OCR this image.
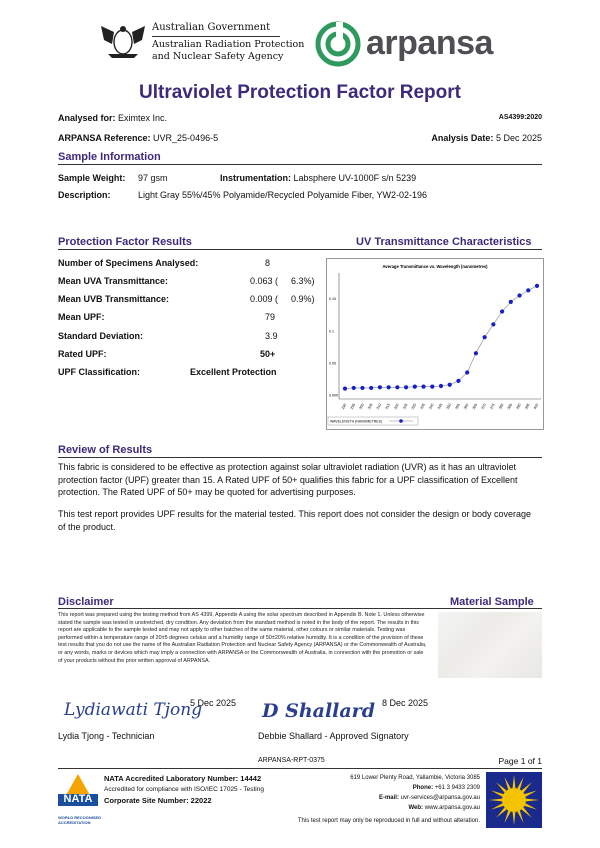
Australian Government
Australian Radiation Protection
and Nuclear Safety Agency	arpansa
Ultraviolet Protection Factor Report
Analysed for: Eximtex Inc.	AS4399:2020
ARPANSA Reference: UVR_25-0496-5	Analysis Date: 5 Dec 2025
Sample Information
Sample Weight: 97 gsm	Instrumentation: Labsphere UV-1000F s/n 5239
Description:	Light Gray 55%/45% Polyamide/Recycled Polyamide Fiber, YW2-02-196
Protection Factor Results	UV Transmittance Characteristics
Number of Specimens Analysed:	8
Mean UVA Transmittance:	0.063 ( 6.3%)
Mean UVB Transmittance:	0.009 ( 0.9%)
Mean UPF:	79
Standard Deviation:	3.9
Rated UPF:	50+
UPF Classification:	Excellent Protection
Average Transmittance vs. Wavelength (nanometres)
0.15
0.1
0.05
0.000
290 295 300 305 310 315 320 325 330 335 340 345 350 355 360 365 370 375 380 385 390 395 400
WAVELENGTH (NANOMETRES)
Review of Results
This fabric is considered to be effective as protection against solar ultraviolet radiation (UVR) as it has an ultraviolet protection factor (UPF) greater than 15. A Rated UPF of 50+ qualifies this fabric for a UPF classification of Excellent protection. The Rated UPF of 50+ may be quoted for advertising purposes.
This test report provides UPF results for the material tested. This report does not consider the design or body coverage of the product.
Disclaimer	Material Sample
This report was prepared using the testing method from AS 4399, Appendix A using the solar spectrum described in Appendix B. Note 1. Unless otherwise stated the sample was tested in unstretched, dry condition. Any deviation from the standard method is noted in the body of the report. The results in this report are applicable to the sample tested and may not apply to other batches of the same material, other colours or similar materials. Testing was performed within a temperature range of 20±5 degrees celsius and a humidity range of 50±20% relative humidity. It is a condition of the provision of these test results that you do not use the name of the Australian Radiation Protection and Nuclear Safety Agency (ARPANSA) or the Commonwealth of Australia, or any words, marks or devices which may imply a connection with ARPANSA or the Commonwealth of Australia, in connection with the promotion or sale of your products without the prior written approval of ARPANSA.
Lydiawati Tjong
5 Dec 2025
Lydia Tjong - Technician
D Shallard 8 Dec 2025
Debbie Shallard - Approved Signatory
ARPANSA-RPT-0375	Page 1 of 1
NATA
WORLD RECOGNISED
ACCREDITATION
NATA Accredited Laboratory Number: 14442
Accredited for compliance with ISO/IEC 17025 - Testing
Corporate Site Number: 22022
619 Lower Plenty Road, Yallambie, Victoria 3085
Phone: +61 3 9433 2309
E-mail: uvr-services@arpansa.gov.au
Web: www.arpansa.gov.au
This test report may only be reproduced in full and without alteration.
